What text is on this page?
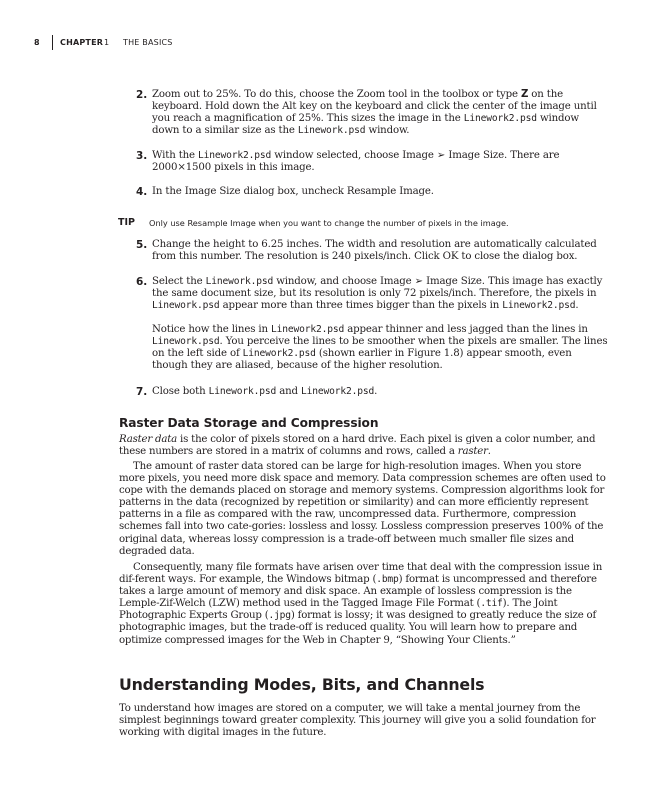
8	CHAPTER 1 THE BASICS
2. Zoom out to 25%. To do this, choose the Zoom tool in the toolbox or type Z on the keyboard. Hold down the Alt key on the keyboard and click the center of the image until you reach a magnification of 25%. This sizes the image in the Linework2.psd window down to a similar size as the Linework.psd window.
3. With the Linework2.psd window selected, choose Image ➢ Image Size. There are 2000×1500 pixels in this image.
4. In the Image Size dialog box, uncheck Resample Image.
TIP Only use Resample Image when you want to change the number of pixels in the image.
5. Change the height to 6.25 inches. The width and resolution are automatically calculated from this number. The resolution is 240 pixels/inch. Click OK to close the dialog box.
6. Select the Linework.psd window, and choose Image ➢ Image Size. This image has exactly the same document size, but its resolution is only 72 pixels/inch. Therefore, the pixels in Linework.psd appear more than three times bigger than the pixels in Linework2.psd.
Notice how the lines in Linework2.psd appear thinner and less jagged than the lines in Linework.psd. You perceive the lines to be smoother when the pixels are smaller. The lines on the left side of Linework2.psd (shown earlier in Figure 1.8) appear smooth, even though they are aliased, because of the higher resolution.
7. Close both Linework.psd and Linework2.psd.
Raster Data Storage and Compression
Raster data is the color of pixels stored on a hard drive. Each pixel is given a color number, and these numbers are stored in a matrix of columns and rows, called a raster.
The amount of raster data stored can be large for high-resolution images. When you store more pixels, you need more disk space and memory. Data compression schemes are often used to cope with the demands placed on storage and memory systems. Compression algorithms look for patterns in the data (recognized by repetition or similarity) and can more efficiently represent patterns in a file as compared with the raw, uncompressed data. Furthermore, compression schemes fall into two cate-gories: lossless and lossy. Lossless compression preserves 100% of the original data, whereas lossy compression is a trade-off between much smaller file sizes and degraded data.
Consequently, many file formats have arisen over time that deal with the compression issue in dif-ferent ways. For example, the Windows bitmap (.bmp) format is uncompressed and therefore takes a large amount of memory and disk space. An example of lossless compression is the Lemple-Zif-Welch (LZW) method used in the Tagged Image File Format (.tif). The Joint Photographic Experts Group (.jpg) format is lossy; it was designed to greatly reduce the size of photographic images, but the trade-off is reduced quality. You will learn how to prepare and optimize compressed images for the Web in Chapter 9, “Showing Your Clients.”
Understanding Modes, Bits, and Channels
To understand how images are stored on a computer, we will take a mental journey from the simplest beginnings toward greater complexity. This journey will give you a solid foundation for working with digital images in the future.
